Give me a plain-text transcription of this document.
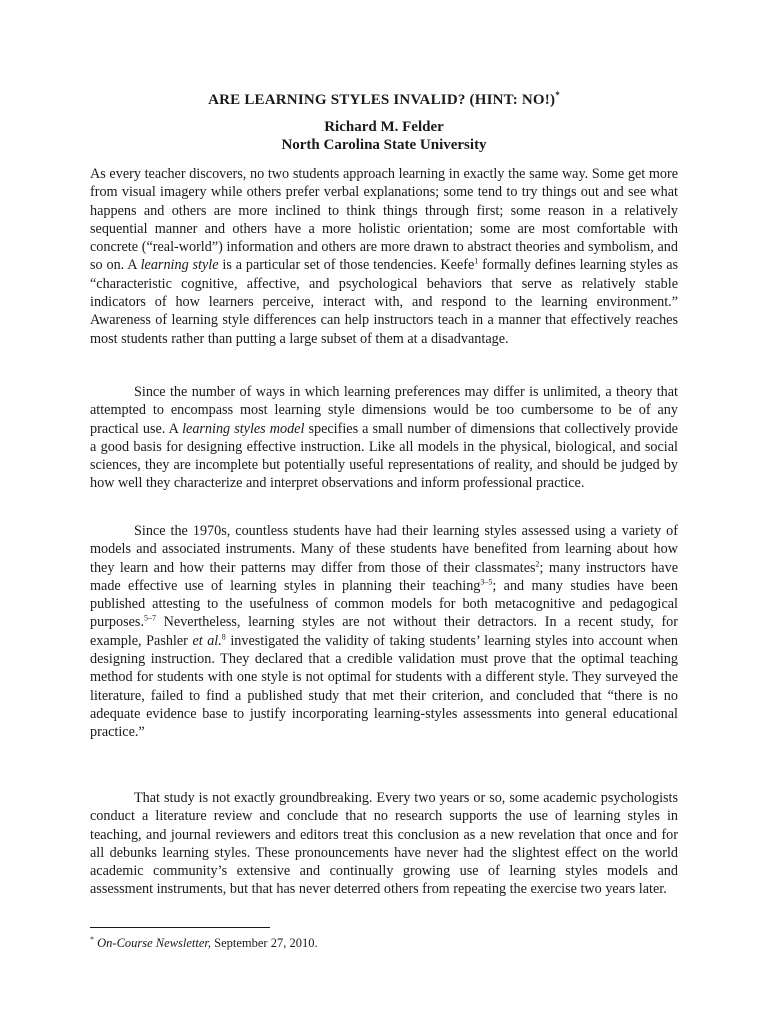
ARE LEARNING STYLES INVALID? (HINT: NO!)*
Richard M. Felder
North Carolina State University

As every teacher discovers, no two students approach learning in exactly the same way. Some get more from visual imagery while others prefer verbal explanations; some tend to try things out and see what happens and others are more inclined to think things through first; some reason in a relatively sequential manner and others have a more holistic orientation; some are most comfortable with concrete (“real-world”) information and others are more drawn to abstract theories and symbolism, and so on. A learning style is a particular set of those tendencies. Keefe$^1$ formally defines learning styles as “characteristic cognitive, affective, and psychological behaviors that serve as relatively stable indicators of how learners perceive, interact with, and respond to the learning environment.” Awareness of learning style differences can help instructors teach in a manner that effectively reaches most students rather than putting a large subset of them at a disadvantage.

Since the number of ways in which learning preferences may differ is unlimited, a theory that attempted to encompass most learning style dimensions would be too cumbersome to be of any practical use. A learning styles model specifies a small number of dimensions that collectively provide a good basis for designing effective instruction. Like all models in the physical, biological, and social sciences, they are incomplete but potentially useful representations of reality, and should be judged by how well they characterize and interpret observations and inform professional practice.

Since the 1970s, countless students have had their learning styles assessed using a variety of models and associated instruments. Many of these students have benefited from learning about how they learn and how their patterns may differ from those of their classmates$^2$; many instructors have made effective use of learning styles in planning their teaching$^{3-5}$; and many studies have been published attesting to the usefulness of common models for both metacognitive and pedagogical purposes.$^{5-7}$ Nevertheless, learning styles are not without their detractors. In a recent study, for example, Pashler et al.$^8$ investigated the validity of taking students’ learning styles into account when designing instruction. They declared that a credible validation must prove that the optimal teaching method for students with one style is not optimal for students with a different style. They surveyed the literature, failed to find a published study that met their criterion, and concluded that “there is no adequate evidence base to justify incorporating learning-styles assessments into general educational practice.”

That study is not exactly groundbreaking. Every two years or so, some academic psychologists conduct a literature review and conclude that no research supports the use of learning styles in teaching, and journal reviewers and editors treat this conclusion as a new revelation that once and for all debunks learning styles. These pronouncements have never had the slightest effect on the world academic community’s extensive and continually growing use of learning styles models and assessment instruments, but that has never deterred others from repeating the exercise two years later.

* On-Course Newsletter, September 27, 2010.
